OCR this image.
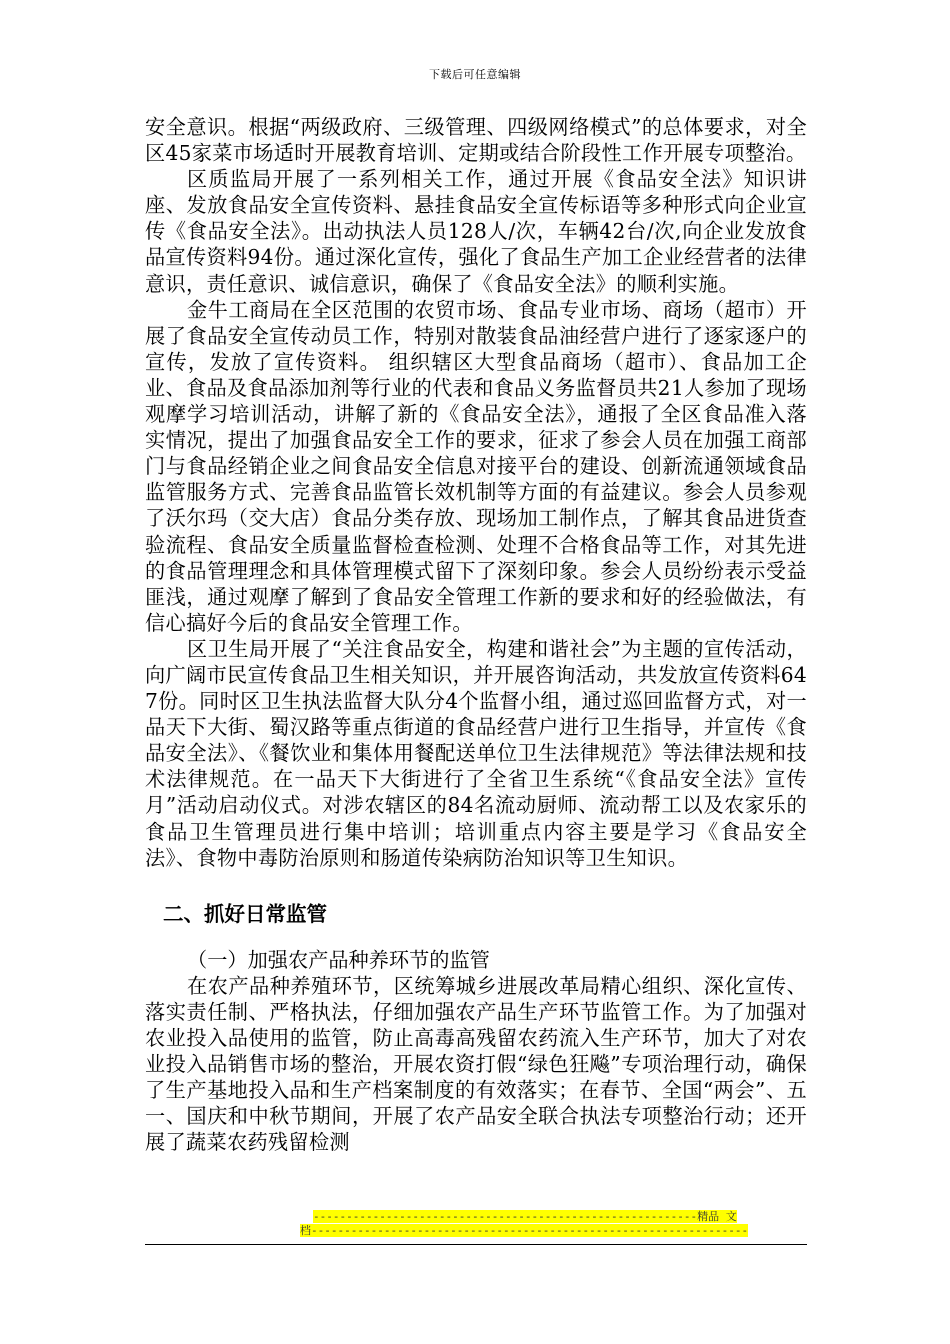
下载后可任意编辑

安全意识。根据“两级政府、三级管理、四级网络模式”的总体要求，对全区45家菜市场适时开展教育培训、定期或结合阶段性工作开展专项整治。

区质监局开展了一系列相关工作，通过开展《食品安全法》知识讲座、发放食品安全宣传资料、悬挂食品安全宣传标语等多种形式向企业宣传《食品安全法》。出动执法人员128人/次，车辆42台/次,向企业发放食品宣传资料94份。通过深化宣传，强化了食品生产加工企业经营者的法律意识，责任意识、诚信意识，确保了《食品安全法》的顺利实施。

金牛工商局在全区范围的农贸市场、食品专业市场、商场（超市）开展了食品安全宣传动员工作，特别对散装食品油经营户进行了逐家逐户的宣传，发放了宣传资料。 组织辖区大型食品商场（超市）、食品加工企业、食品及食品添加剂等行业的代表和食品义务监督员共21人参加了现场观摩学习培训活动，讲解了新的《食品安全法》，通报了全区食品准入落实情况，提出了加强食品安全工作的要求，征求了参会人员在加强工商部门与食品经销企业之间食品安全信息对接平台的建设、创新流通领域食品监管服务方式、完善食品监管长效机制等方面的有益建议。参会人员参观了沃尔玛（交大店）食品分类存放、现场加工制作点，了解其食品进货查验流程、食品安全质量监督检查检测、处理不合格食品等工作，对其先进的食品管理理念和具体管理模式留下了深刻印象。参会人员纷纷表示受益匪浅，通过观摩了解到了食品安全管理工作新的要求和好的经验做法，有信心搞好今后的食品安全管理工作。

区卫生局开展了“关注食品安全，构建和谐社会”为主题的宣传活动，向广阔市民宣传食品卫生相关知识，并开展咨询活动，共发放宣传资料647份。同时区卫生执法监督大队分4个监督小组，通过巡回监督方式，对一品天下大街、蜀汉路等重点街道的食品经营户进行卫生指导，并宣传《食品安全法》、《餐饮业和集体用餐配送单位卫生法律规范》等法律法规和技术法律规范。在一品天下大街进行了全省卫生系统“《食品安全法》宣传月”活动启动仪式。对涉农辖区的84名流动厨师、流动帮工以及农家乐的食品卫生管理员进行集中培训；培训重点内容主要是学习《食品安全法》、食物中毒防治原则和肠道传染病防治知识等卫生知识。

二、抓好日常监管

（一）加强农产品种养环节的监管

在农产品种养殖环节，区统筹城乡进展改革局精心组织、深化宣传、落实责任制、严格执法，仔细加强农产品生产环节监管工作。为了加强对农业投入品使用的监管，防止高毒高残留农药流入生产环节，加大了对农业投入品销售市场的整治，开展农资打假“绿色狂飚”专项治理行动，确保了生产基地投入品和生产档案制度的有效落实；在春节、全国“两会”、五一、国庆和中秋节期间，开展了农产品安全联合执法专项整治行动；还开展了蔬菜农药残留检测

----------------------------------------------------------精品 文
档------------------------------------------------------------------
